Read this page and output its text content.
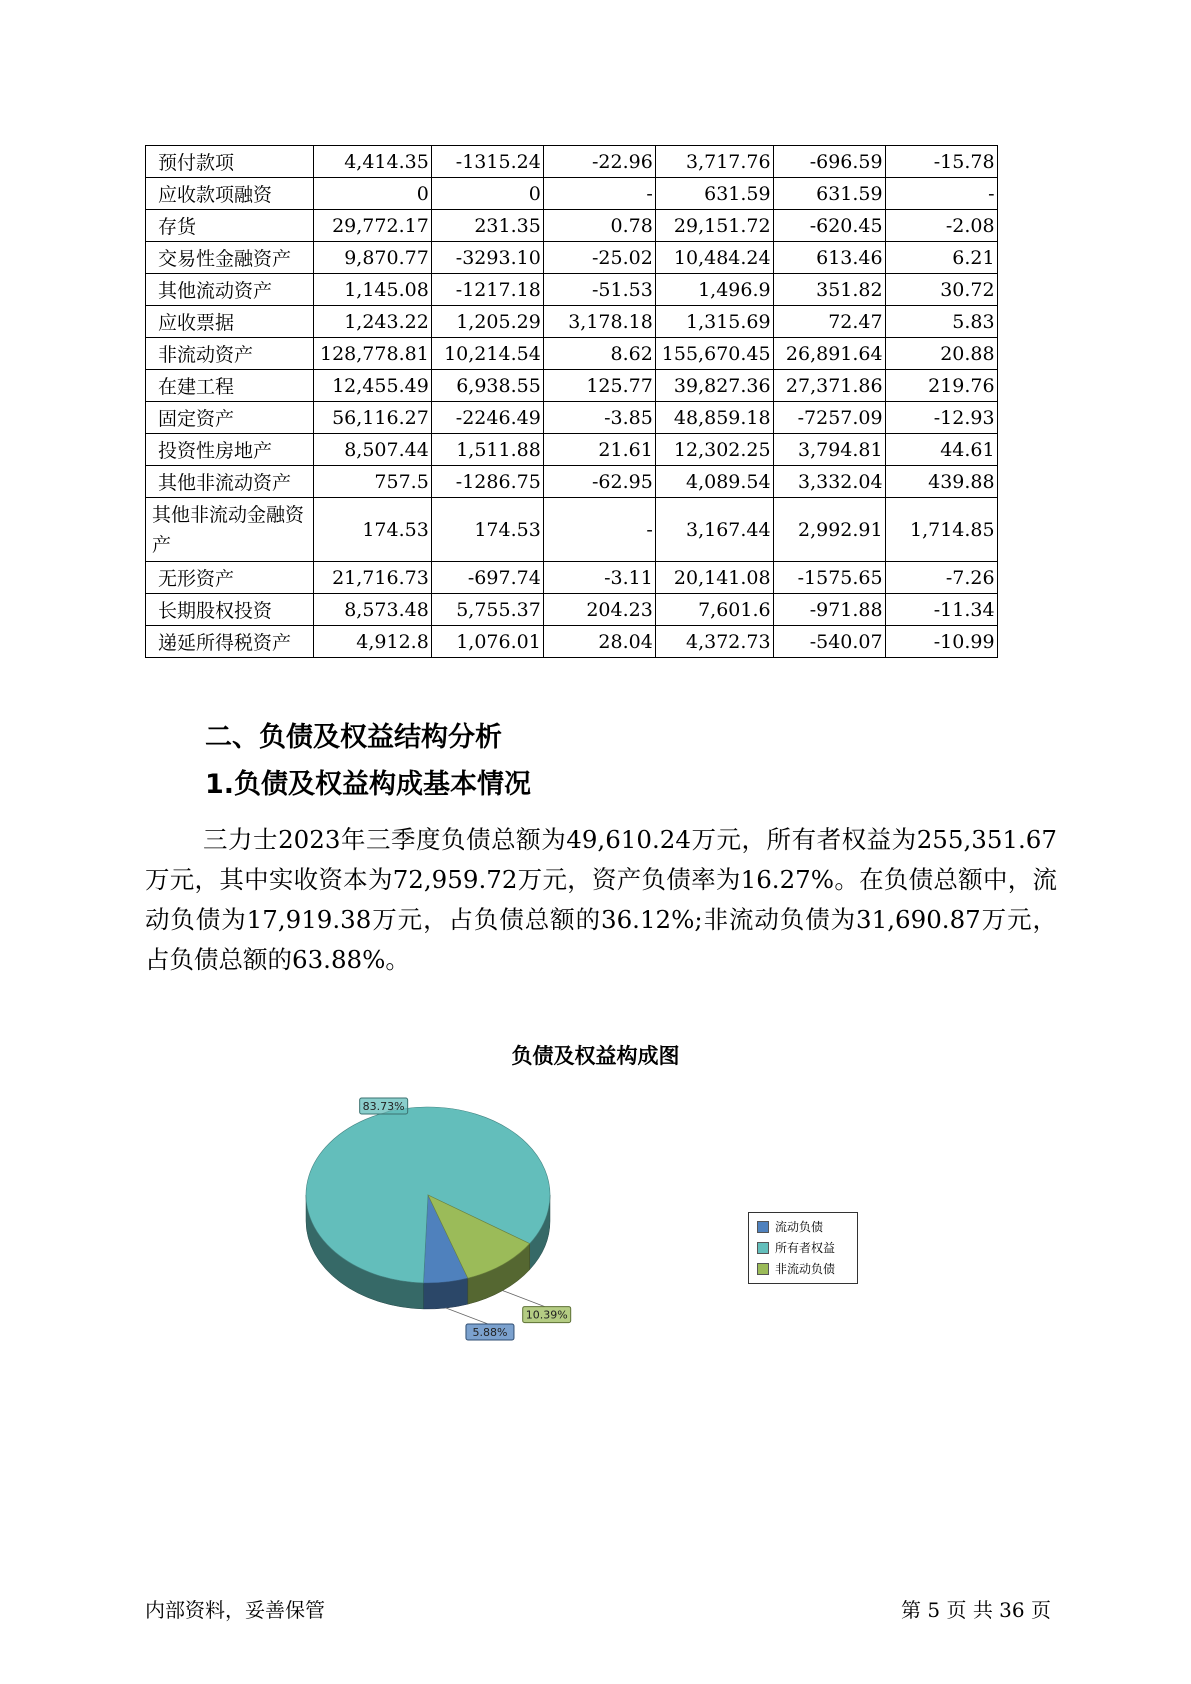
预付款项	4,414.35	-1315.24	-22.96	3,717.76	-696.59	-15.78
应收款项融资	0	0	-	631.59	631.59	-
存货	29,772.17	231.35	0.78	29,151.72	-620.45	-2.08
交易性金融资产	9,870.77	-3293.10	-25.02	10,484.24	613.46	6.21
其他流动资产	1,145.08	-1217.18	-51.53	1,496.9	351.82	30.72
应收票据	1,243.22	1,205.29	3,178.18	1,315.69	72.47	5.83
非流动资产	128,778.81	10,214.54	8.62	155,670.45	26,891.64	20.88
在建工程	12,455.49	6,938.55	125.77	39,827.36	27,371.86	219.76
固定资产	56,116.27	-2246.49	-3.85	48,859.18	-7257.09	-12.93
投资性房地产	8,507.44	1,511.88	21.61	12,302.25	3,794.81	44.61
其他非流动资产	757.5	-1286.75	-62.95	4,089.54	3,332.04	439.88
其他非流动金融资产	174.53	174.53	-	3,167.44	2,992.91	1,714.85
无形资产	21,716.73	-697.74	-3.11	20,141.08	-1575.65	-7.26
长期股权投资	8,573.48	5,755.37	204.23	7,601.6	-971.88	-11.34
递延所得税资产	4,912.8	1,076.01	28.04	4,372.73	-540.07	-10.99
二、负债及权益结构分析
1.负债及权益构成基本情况

三力士2023年三季度负债总额为49,610.24万元，所有者权益为255,351.67万元，其中实收资本为72,959.72万元，资产负债率为16.27%。在负债总额中，流动负债为17,919.38万元，占负债总额的36.12%;非流动负债为31,690.87万元，占负债总额的63.88%。

负债及权益构成图
5.88%
83.73%
10.39%
流动负债
所有者权益
非流动负债
内部资料，妥善保管	第 5 页 共 36 页
